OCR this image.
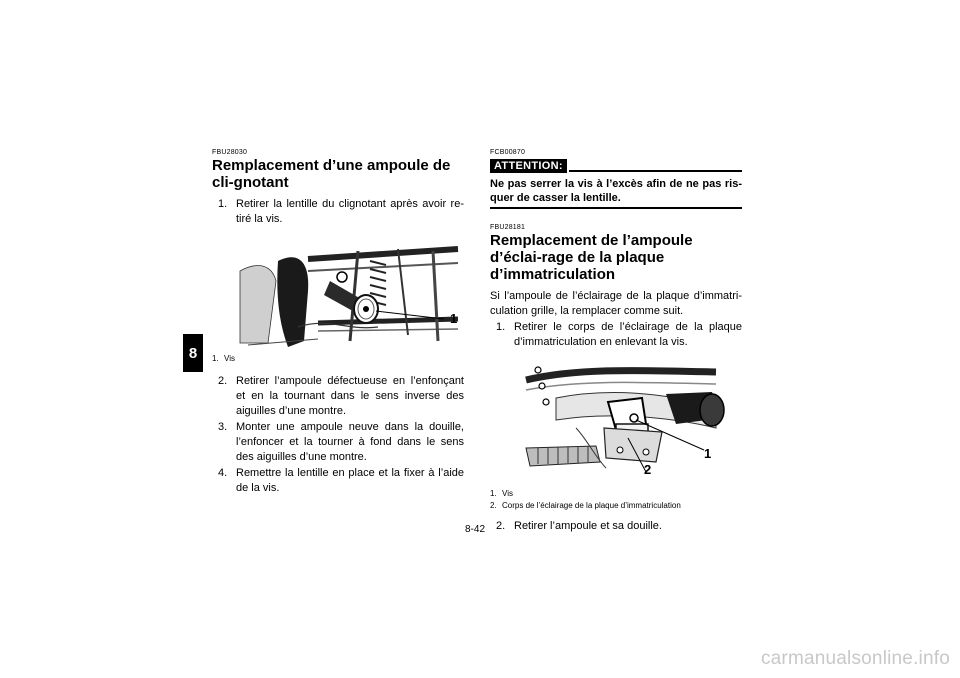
8

FBU28030

Remplacement d’une ampoule de cli-gnotant
1. Retirer la lentille du clignotant après avoir re-tiré la vis.
1

1. Vis

2. Retirer l’ampoule défectueuse en l’enfonçant et en la tournant dans le sens inverse des aiguilles d’une montre.
3. Monter une ampoule neuve dans la douille, l’enfoncer et la tourner à fond dans le sens des aiguilles d’une montre.
4. Remettre la lentille en place et la fixer à l’aide de la vis.

FCB00870

ATTENTION:

Ne pas serrer la vis à l’excès afin de ne pas ris-quer de casser la lentille.

FBU28181

Remplacement de l’ampoule d’éclai-rage de la plaque d’immatriculation

Si l’ampoule de l’éclairage de la plaque d’immatri-culation grille, la remplacer comme suit.

1. Retirer le corps de l’éclairage de la plaque d’immatriculation en enlevant la vis.
1
2

1. Vis

2. Corps de l’éclairage de la plaque d’immatriculation

2. Retirer l’ampoule et sa douille.
8-42
carmanualsonline.info
